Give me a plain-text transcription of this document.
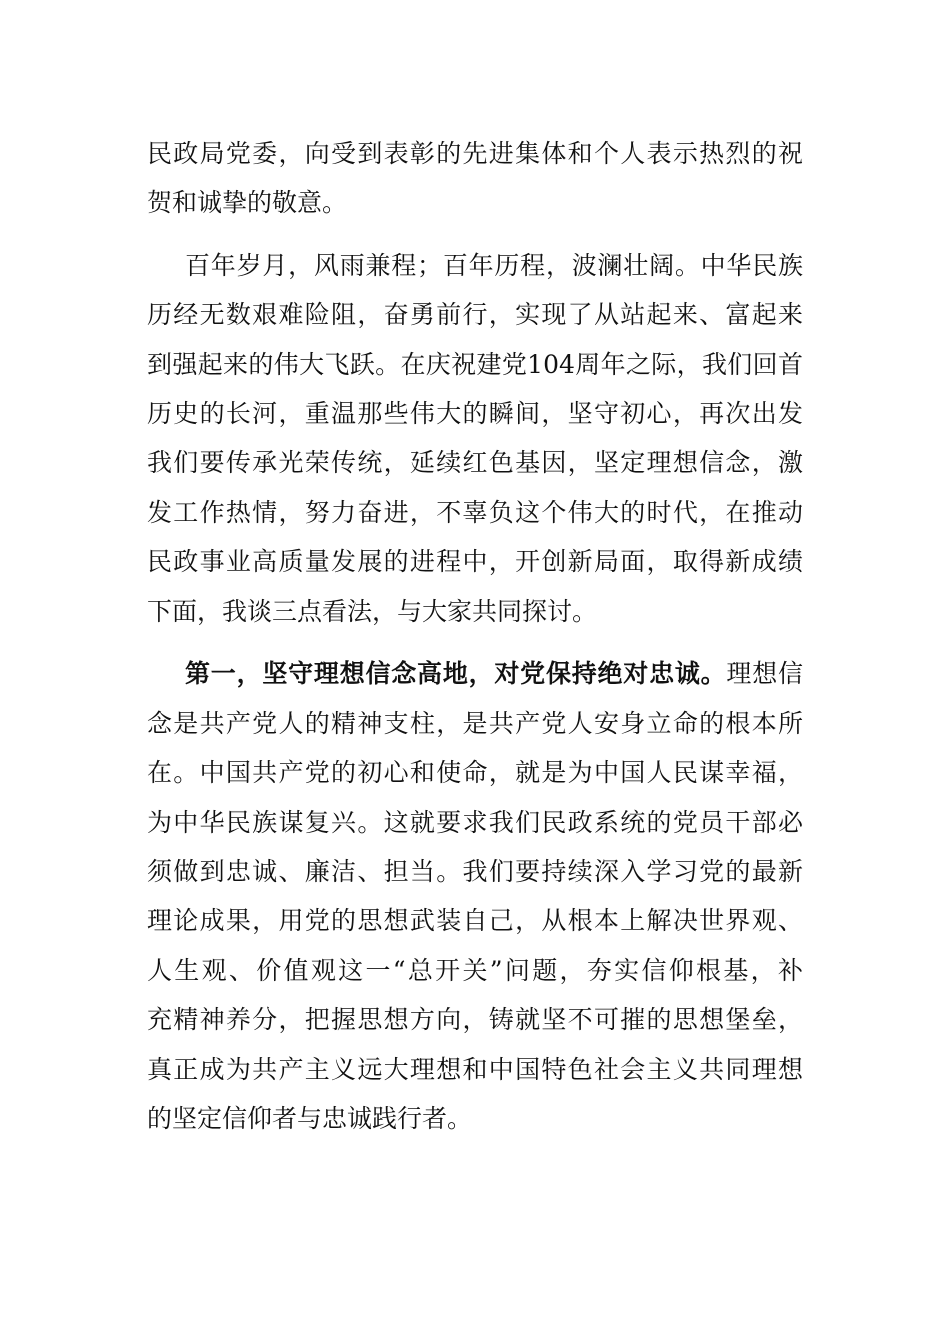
民政局党委，向受到表彰的先进集体和个人表示热烈的祝
贺和诚挚的敬意。
百年岁月，风雨兼程；百年历程，波澜壮阔。中华民族
历经无数艰难险阻，奋勇前行，实现了从站起来、富起来
到强起来的伟大飞跃。在庆祝建党104周年之际，我们回首
历史的长河，重温那些伟大的瞬间，坚守初心，再次出发
我们要传承光荣传统，延续红色基因，坚定理想信念，激
发工作热情，努力奋进，不辜负这个伟大的时代，在推动
民政事业高质量发展的进程中，开创新局面，取得新成绩
下面，我谈三点看法，与大家共同探讨。
第一，坚守理想信念高地，对党保持绝对忠诚。理想信
念是共产党人的精神支柱，是共产党人安身立命的根本所
在。中国共产党的初心和使命，就是为中国人民谋幸福，
为中华民族谋复兴。这就要求我们民政系统的党员干部必
须做到忠诚、廉洁、担当。我们要持续深入学习党的最新
理论成果，用党的思想武装自己，从根本上解决世界观、
人生观、价值观这一“总开关”问题，夯实信仰根基，补
充精神养分，把握思想方向，铸就坚不可摧的思想堡垒，
真正成为共产主义远大理想和中国特色社会主义共同理想
的坚定信仰者与忠诚践行者。
